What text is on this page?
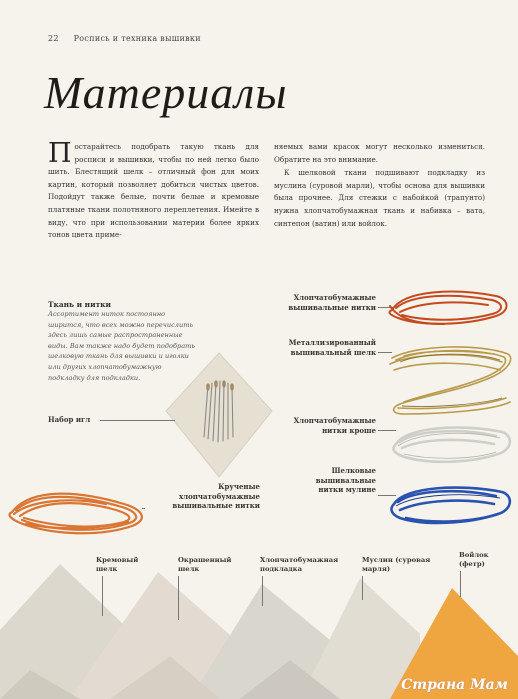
22 Роспись и техника вышивки
Материалы

Постарайтесь подобрать такую ткань для росписи и вышивки, чтобы по ней легко было шить. Блестящий шелк – отличный фон для моих картин, который позволяет добиться чистых цветов. Подойдут также белые, почти белые и кремовые платяные ткани полотняного переплетения. Имейте в виду, что при использовании материи более ярких тонов цвета приме-

няемых вами красок могут несколько измениться. Обратите на это внимание.

К шелковой ткани подшивают подкладку из муслина (суровой марли), чтобы основа для вышивки была прочнее. Для стежки с набойкой (трапунто) нужна хлопчатобумажная ткань и набивка – вата, синтепон (ватин) или войлок.

Ткань и нитки
Ассортимент ниток постоянно ширится, что всех можно перечислить здесь лишь самые распространенные виды. Вам также надо будет подобрать шелковую ткань для вышивки и иголки или других хлопчатобумажную подкладку для подкладки.
Набор игл
Крученые
хлопчатобумажные
вышивальные нитки
Хлопчатобумажные
вышивальные нитки
Металлизированный
вышивальный шелк
Хлопчатобумажные
нитки кроше
Шелковые
вышивальные
нитки мулине
Кремовый
шелк
Окрашенный
шелк
Хлопчатобумажная
подкладка
Муслин (суровая
марля)
Войлок
(фетр)
Страна Мам
